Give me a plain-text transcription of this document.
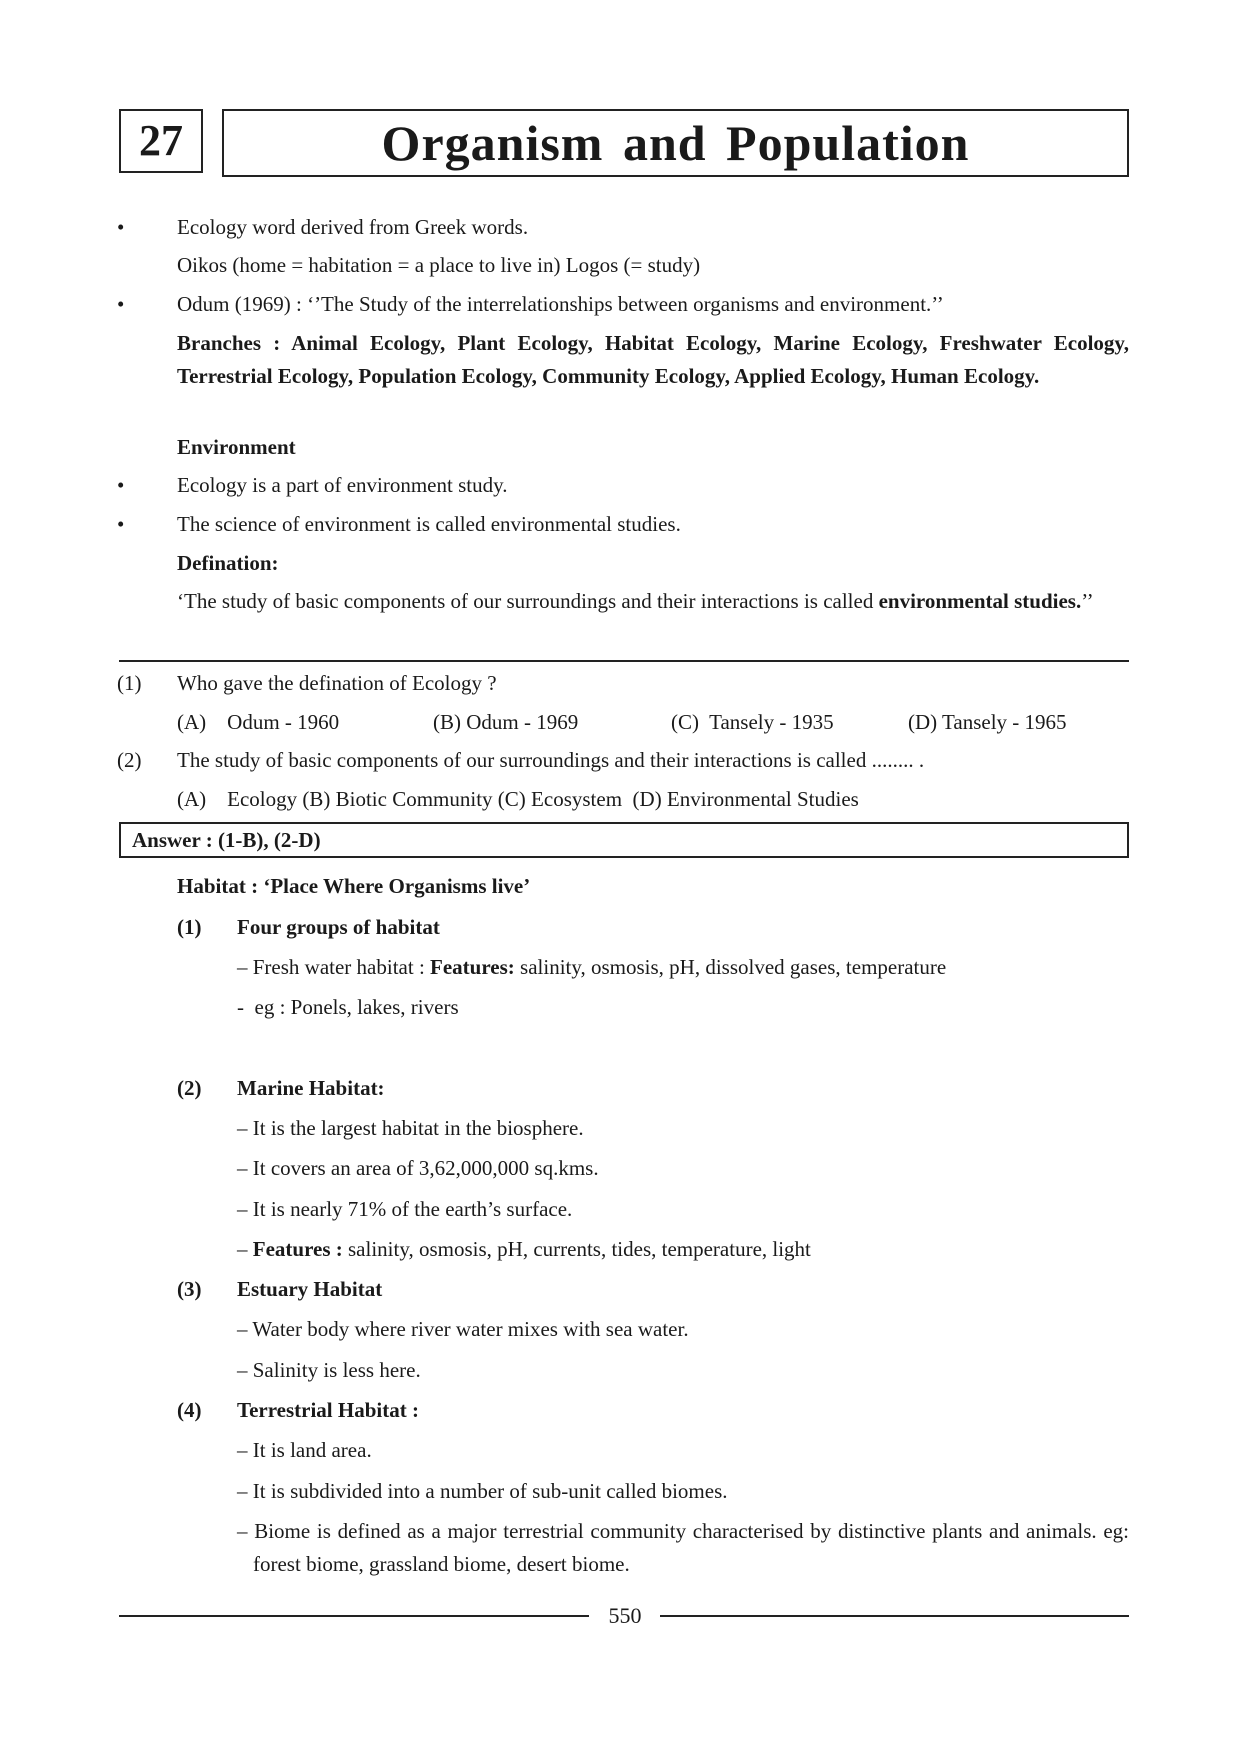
27	Organism and Population
•	Ecology word derived from Greek words.
Oikos (home = habitation = a place to live in) Logos (= study)
•	Odum (1969) : ‘’The Study of the interrelationships between organisms and environment.’’
Branches : Animal Ecology, Plant Ecology, Habitat Ecology, Marine Ecology, Freshwater Ecology, Terrestrial Ecology, Population Ecology, Community Ecology, Applied Ecology, Human Ecology.
Environment
•	Ecology is a part of environment study.
•	The science of environment is called environmental studies.
Defination:
‘The study of basic components of our surroundings and their interactions is called environmental studies.’’
(1) Who gave the defination of Ecology ?
(A)    Odum - 1960	(B) Odum - 1969	(C)  Tansely - 1935	(D) Tansely - 1965
(2) The study of basic components of our surroundings and their interactions is called ........ .
(A)    Ecology (B) Biotic Community (C) Ecosystem  (D) Environmental Studies
Answer : (1-B), (2-D)
Habitat : ‘Place Where Organisms live’
(1) Four groups of habitat
– Fresh water habitat : Features: salinity, osmosis, pH, dissolved gases, temperature
-  eg : Ponels, lakes, rivers
(2) Marine Habitat:
– It is the largest habitat in the biosphere.
– It covers an area of 3,62,000,000 sq.kms.
– It is nearly 71% of the earth’s surface.
– Features : salinity, osmosis, pH, currents, tides, temperature, light
(3) Estuary Habitat
– Water body where river water mixes with sea water.
– Salinity is less here.
(4) Terrestrial Habitat :
– It is land area.
– It is subdivided into a number of sub-unit called biomes.
– Biome is defined as a major terrestrial community characterised by distinctive plants and animals. eg: forest biome, grassland biome, desert biome.
550
